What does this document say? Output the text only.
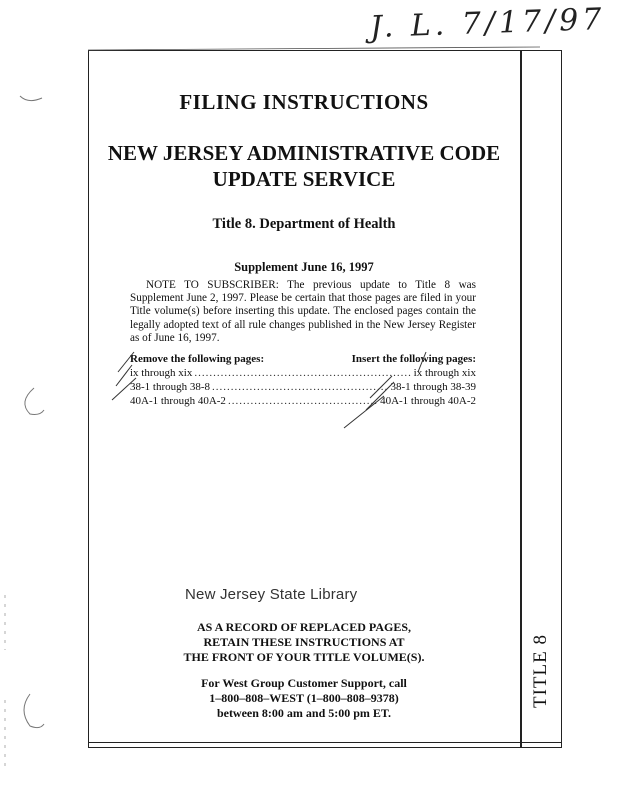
J. L. 7/17/97
FILING INSTRUCTIONS
NEW JERSEY ADMINISTRATIVE CODE
UPDATE SERVICE
Title 8. Department of Health
Supplement June 16, 1997
NOTE TO SUBSCRIBER: The previous update to Title 8 was Supplement June 2, 1997. Please be certain that those pages are filed in your Title volume(s) before inserting this update. The enclosed pages contain the legally adopted text of all rule changes published in the New Jersey Register as of June 16, 1997.
Remove the following pages:	Insert the following pages:
ix through xix .....	ix through xix
38-1 through 38-8 .....	38-1 through 38-39
40A-1 through 40A-2 .....	40A-1 through 40A-2
New Jersey State Library
AS A RECORD OF REPLACED PAGES,
RETAIN THESE INSTRUCTIONS AT
THE FRONT OF YOUR TITLE VOLUME(S).
For West Group Customer Support, call
1–800–808–WEST (1–800–808–9378)
between 8:00 am and 5:00 pm ET.
TITLE 8
